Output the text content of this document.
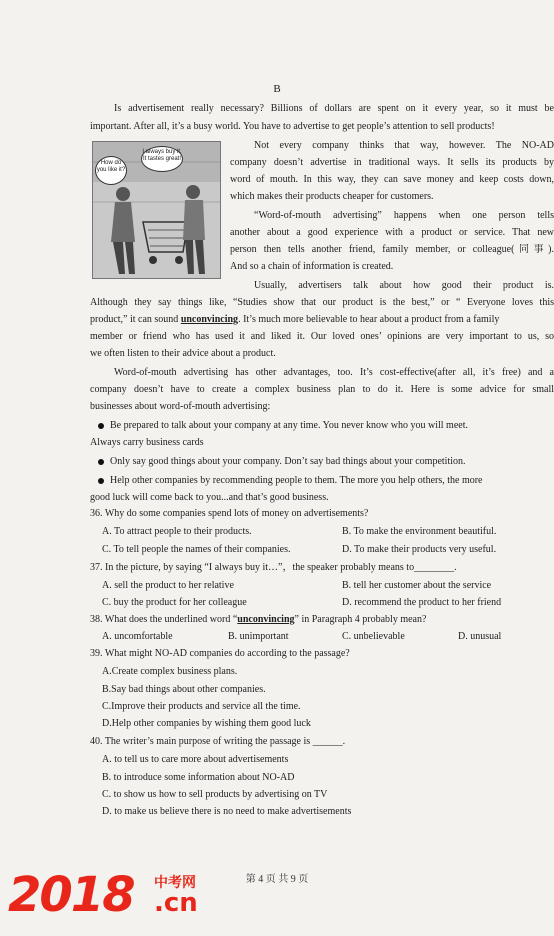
B
Is advertisement really necessary? Billions of dollars are spent on it every year, so it must be
important. After all, it’s a busy world. You have to advertise to get people’s attention to sell products!
How do you like it?
I always buy it. It tastes great!
Not every company thinks that way, however. The NO-AD
company doesn’t advertise in traditional ways. It sells its products by
word of mouth. In this way, they can save money and keep costs down,
which makes their products cheaper for customers.
“Word-of-mouth advertising” happens when one person tells
another about a good experience with a product or service. That new
person then tells another friend, family member, or colleague(同事).
And so a chain of information is created.
Usually, advertisers talk about how good their product is.
Although they say things like, “Studies show that our product is the best,” or “ Everyone loves this
product,” it can sound unconvincing. It’s much more believable to hear about a product from a family
member or friend who has used it and liked it. Our loved ones’ opinions are very important to us, so
we often listen to their advice about a product.
Word-of-mouth advertising has other advantages, too. It’s cost-effective(after all, it’s free) and a
company doesn’t have to create a complex business plan to do it. Here is some advice for small
businesses about word-of-mouth advertising:
Be prepared to talk about your company at any time. You never know who you will meet.
Always carry business cards
Only say good things about your company. Don’t say bad things about your competition.
Help other companies by recommending people to them. The more you help others, the more
good luck will come back to you...and that’s good business.
36. Why do some companies spend lots of money on advertisements?
A. To attract people to their products.	B. To make the environment beautiful.
C. To tell people the names of their companies.	D. To make their products very useful.
37. In the picture, by saying “I always buy it…”，the speaker probably means to________.
A. sell the product to her relative	B. tell her customer about the service
C. buy the product for her colleague	D. recommend the product to her friend
38. What does the underlined word “unconvincing” in Paragraph 4 probably mean?
A. uncomfortable	B. unimportant	C. unbelievable	D. unusual
39. What might NO-AD companies do according to the passage?
A.Create complex business plans.
B.Say bad things about other companies.
C.Improve their products and service all the time.
D.Help other companies by wishing them good luck
40. The writer’s main purpose of writing the passage is ______.
A. to tell us to care more about advertisements
B. to introduce some information about NO-AD
C. to show us how to sell products by advertising on TV
D. to make us believe there is no need to make advertisements
第 4 页 共 9 页
2018 中考网
.cn
